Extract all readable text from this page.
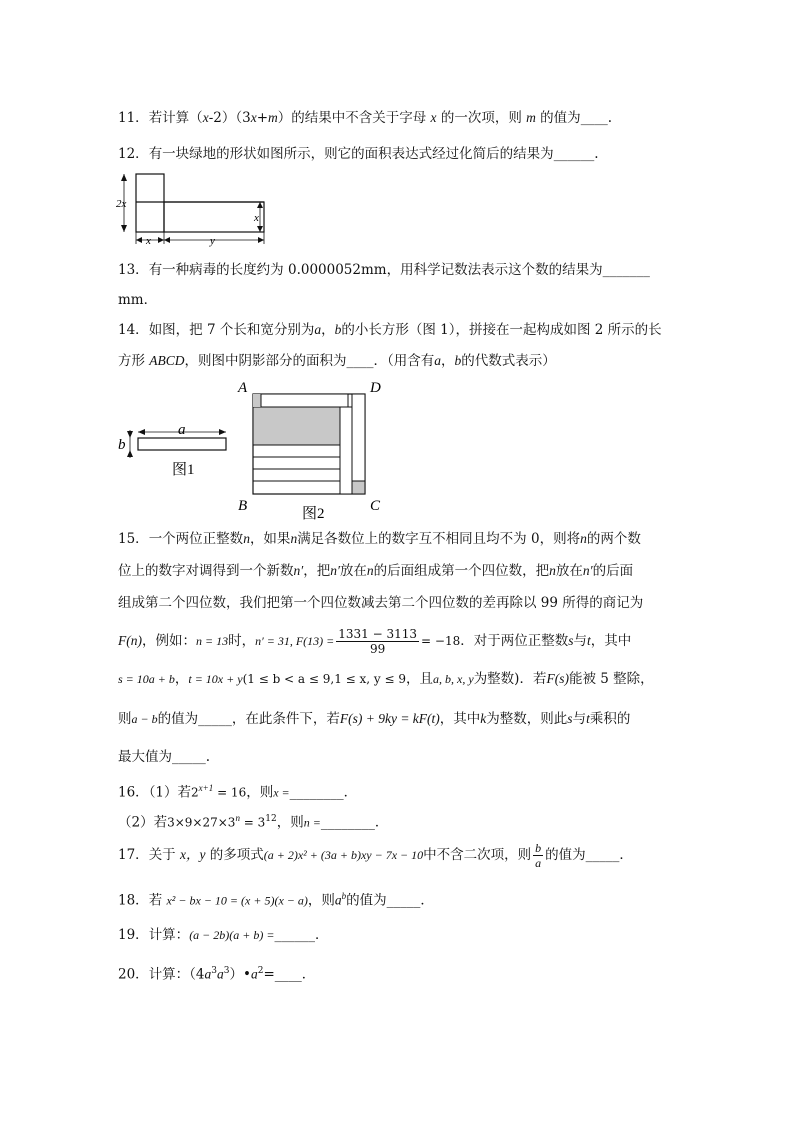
11．若计算（x-2）（3x+m）的结果中不含关于字母 x 的一次项，则 m 的值为____.
12．有一块绿地的形状如图所示，则它的面积表达式经过化简后的结果为______.
2x
x
x	y
13．有一种病毒的长度约为 0.0000052mm，用科学记数法表示这个数的结果为_______
mm．
14．如图，把 7 个长和宽分别为a，b的小长方形（图 1），拼接在一起构成如图 2 所示的长
方形 ABCD，则图中阴影部分的面积为____．（用含有a，b的代数式表示）
a
b
图1
A	D
B	C
图2
15．一个两位正整数n，如果n满足各数位上的数字互不相同且均不为 0，则将n的两个数
位上的数字对调得到一个新数n′，把n′放在n的后面组成第一个四位数，把n放在n′的后面
组成第二个四位数，我们把第一个四位数减去第二个四位数的差再除以 99 所得的商记为
F(n)，例如：n = 13时，n′ = 31, $F(13) = \frac{1331 - 3113}{99} = -18$．对于两位正整数s与t，其中
s = 10a + b，t = 10x + y(1 ≤ b < a ≤ 9,1 ≤ x, y ≤ 9，且a, b, x, y为整数)．若F(s)能被 5 整除，
则a − b的值为_____，在此条件下，若F(s) + 9ky = kF(t)，其中k为整数，则此s与t乘积的
最大值为_____.
16．（1）若$2^{x+1} = 16$，则x =________．
（2）若$3\times 9\times 27\times 3^n = 3^{12}$，则n =________．
17．关于 x，y 的多项式(a + 2)x² + (3a + b)xy − 7x − 10中不含二次项，则 $\frac{b}{a}$ 的值为_____．
18．若 x² − bx − 10 = (x + 5)(x − a)，则$a^b$的值为_____．
19．计算：(a − 2b)(a + b) =______．
20．计算：$(4a^3a^3)•a^2=\_\_\_\_$．
